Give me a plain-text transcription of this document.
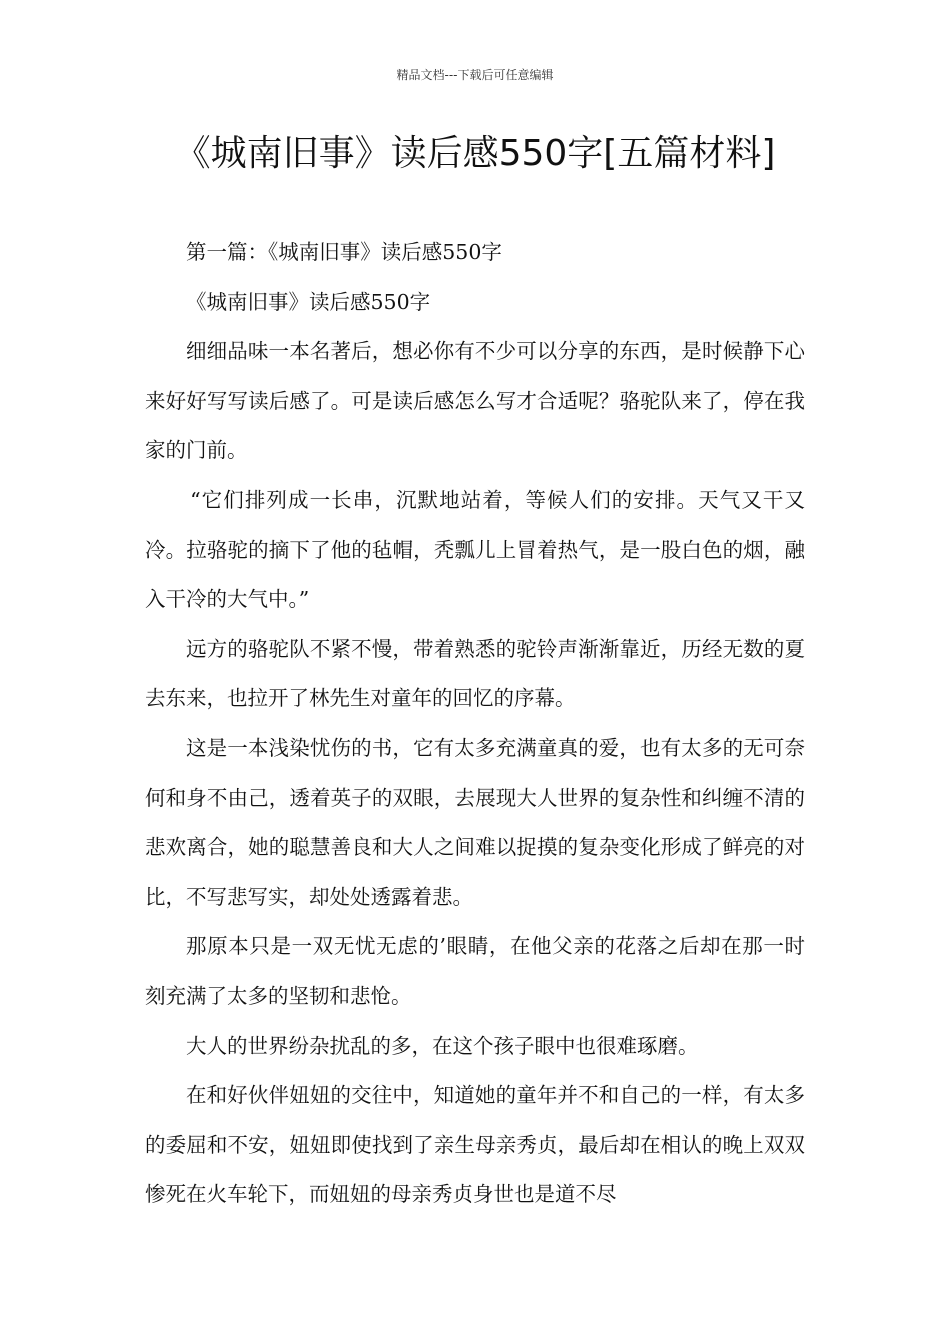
精品文档---下载后可任意编辑
《城南旧事》读后感550字[五篇材料]

第一篇：《城南旧事》读后感550字

《城南旧事》读后感550字

细细品味一本名著后，想必你有不少可以分享的东西，是时候静下心来好好写写读后感了。可是读后感怎么写才合适呢？骆驼队来了，停在我家的门前。

“它们排列成一长串，沉默地站着，等候人们的安排。天气又干又冷。拉骆驼的摘下了他的毡帽，秃瓢儿上冒着热气，是一股白色的烟，融入干冷的大气中。”

远方的骆驼队不紧不慢，带着熟悉的驼铃声渐渐靠近，历经无数的夏去东来，也拉开了林先生对童年的回忆的序幕。

这是一本浅染忧伤的书，它有太多充满童真的爱，也有太多的无可奈何和身不由己，透着英子的双眼，去展现大人世界的复杂性和纠缠不清的悲欢离合，她的聪慧善良和大人之间难以捉摸的复杂变化形成了鲜亮的对比，不写悲写实，却处处透露着悲。

那原本只是一双无忧无虑的’眼睛，在他父亲的花落之后却在那一时刻充满了太多的坚韧和悲怆。

大人的世界纷杂扰乱的多，在这个孩子眼中也很难琢磨。

在和好伙伴妞妞的交往中，知道她的童年并不和自己的一样，有太多的委屈和不安，妞妞即使找到了亲生母亲秀贞，最后却在相认的晚上双双惨死在火车轮下，而妞妞的母亲秀贞身世也是道不尽
